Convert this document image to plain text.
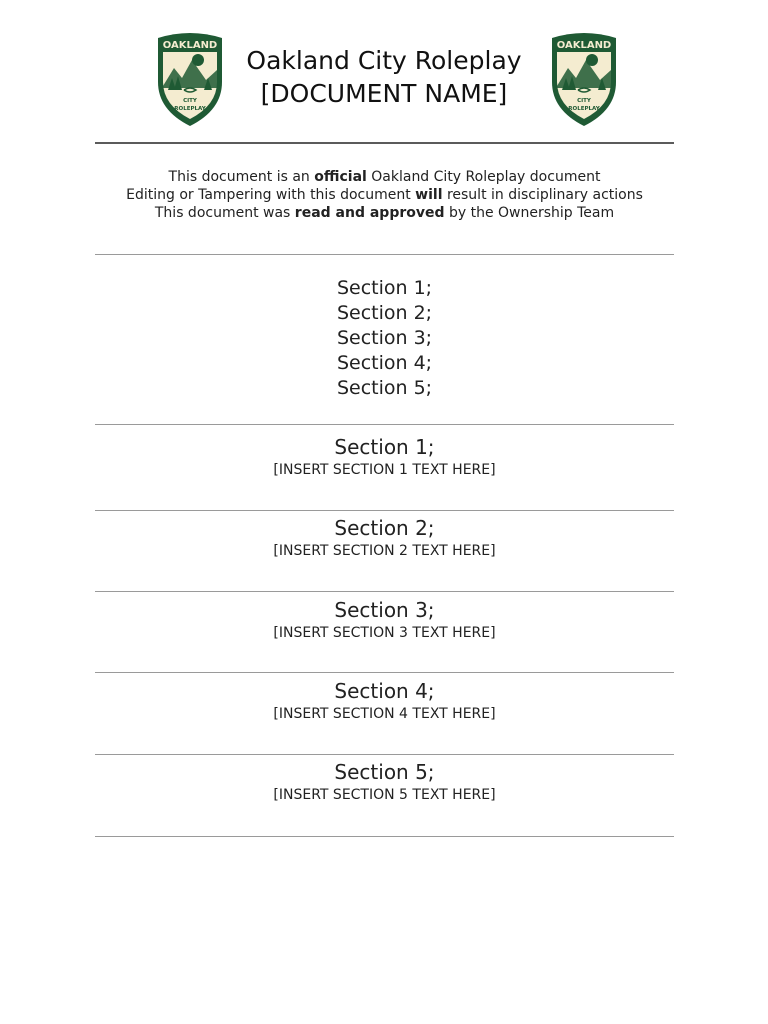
OAKLAND
CITY
ROLEPLAY
Oakland City Roleplay
[DOCUMENT NAME]
OAKLAND
CITY
ROLEPLAY
This document is an official Oakland City Roleplay document
Editing or Tampering with this document will result in disciplinary actions
This document was read and approved by the Ownership Team
Section 1;
Section 2;
Section 3;
Section 4;
Section 5;
Section 1;
[INSERT SECTION 1 TEXT HERE]
Section 2;
[INSERT SECTION 2 TEXT HERE]
Section 3;
[INSERT SECTION 3 TEXT HERE]
Section 4;
[INSERT SECTION 4 TEXT HERE]
Section 5;
[INSERT SECTION 5 TEXT HERE]
